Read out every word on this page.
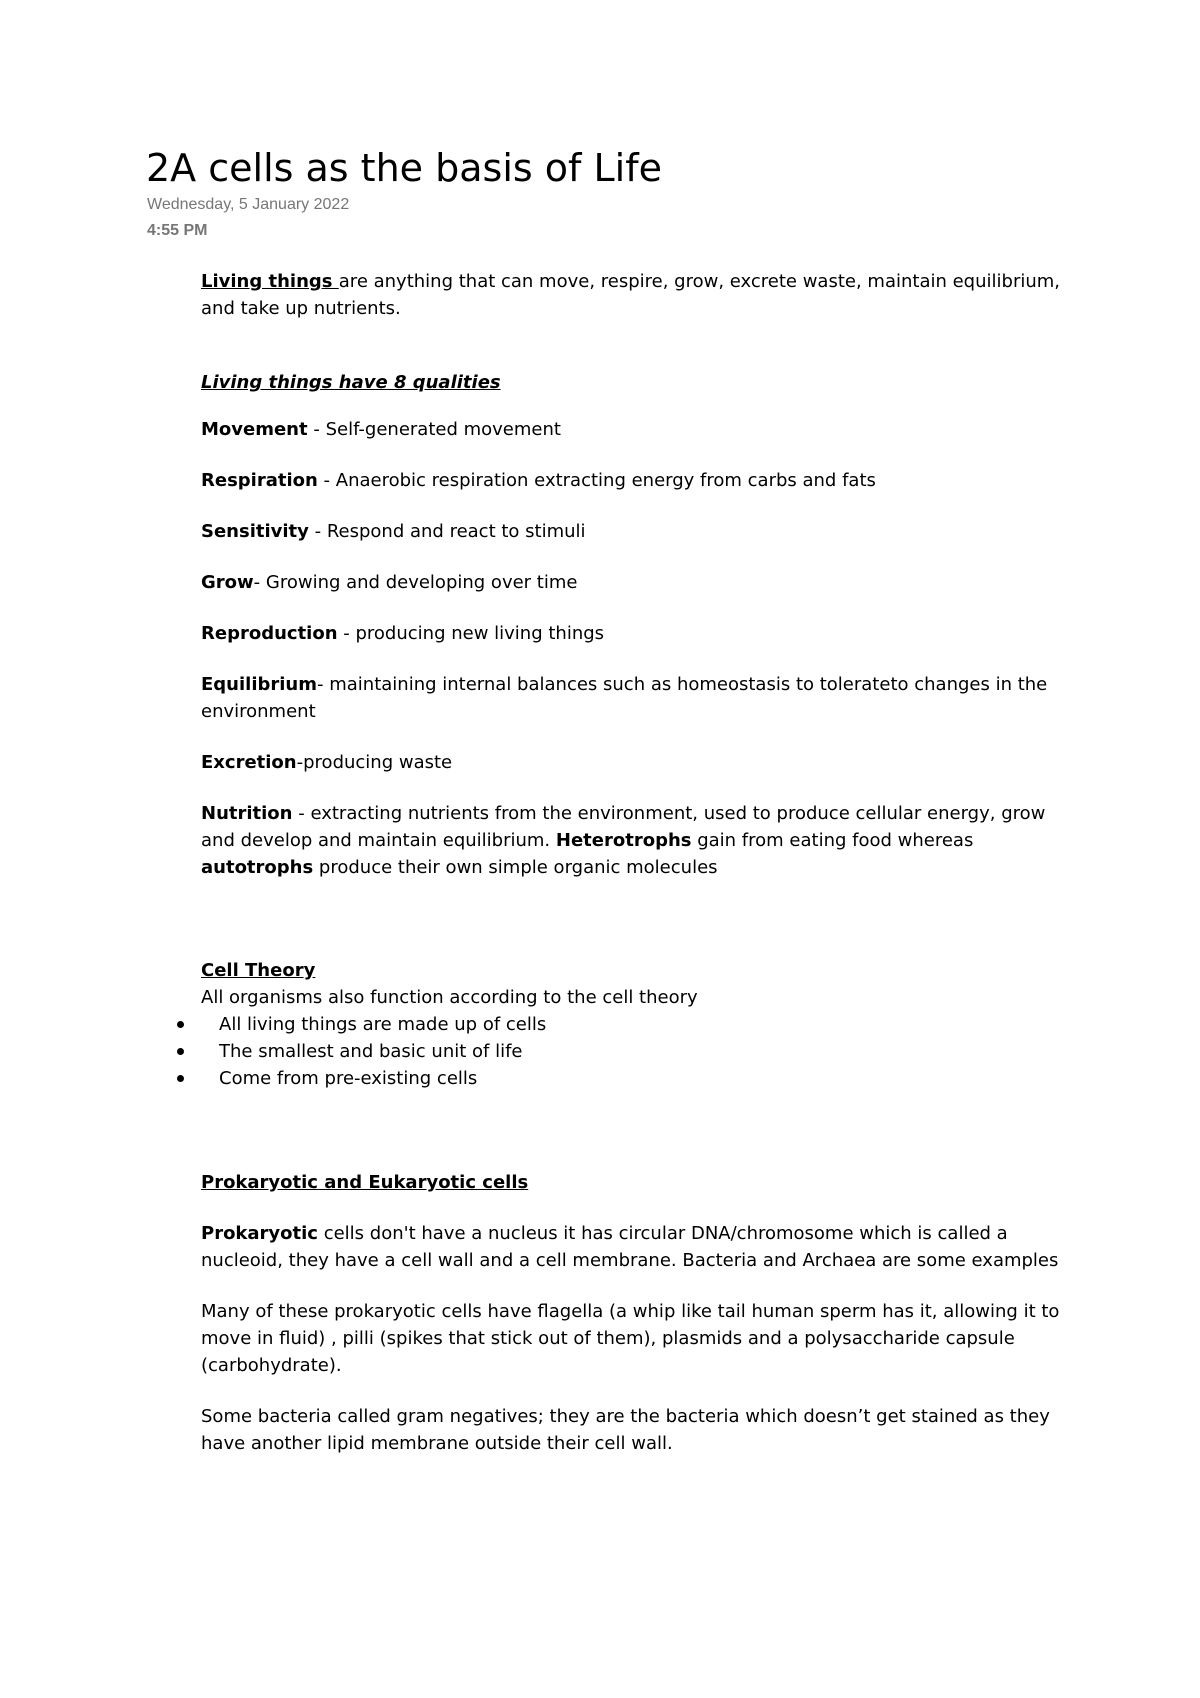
2A cells as the basis of Life
Wednesday, 5 January 2022
4:55 PM

Living things are anything that can move, respire, grow, excrete waste, maintain equilibrium,
and take up nutrients.

Living things have 8 qualities

Movement - Self-generated movement

Respiration - Anaerobic respiration extracting energy from carbs and fats

Sensitivity - Respond and react to stimuli

Grow- Growing and developing over time

Reproduction - producing new living things

Equilibrium- maintaining internal balances such as homeostasis to tolerateto changes in the
environment

Excretion-producing waste

Nutrition - extracting nutrients from the environment, used to produce cellular energy, grow
and develop and maintain equilibrium. Heterotrophs gain from eating food whereas
autotrophs produce their own simple organic molecules

Cell Theory

All organisms also function according to the cell theory

All living things are made up of cells
The smallest and basic unit of life
Come from pre-existing cells

Prokaryotic and Eukaryotic cells

Prokaryotic cells don't have a nucleus it has circular DNA/chromosome which is called a
nucleoid, they have a cell wall and a cell membrane. Bacteria and Archaea are some examples

Many of these prokaryotic cells have flagella (a whip like tail human sperm has it, allowing it to
move in fluid) , pilli (spikes that stick out of them), plasmids and a polysaccharide capsule
(carbohydrate).

Some bacteria called gram negatives; they are the bacteria which doesn’t get stained as they
have another lipid membrane outside their cell wall.
